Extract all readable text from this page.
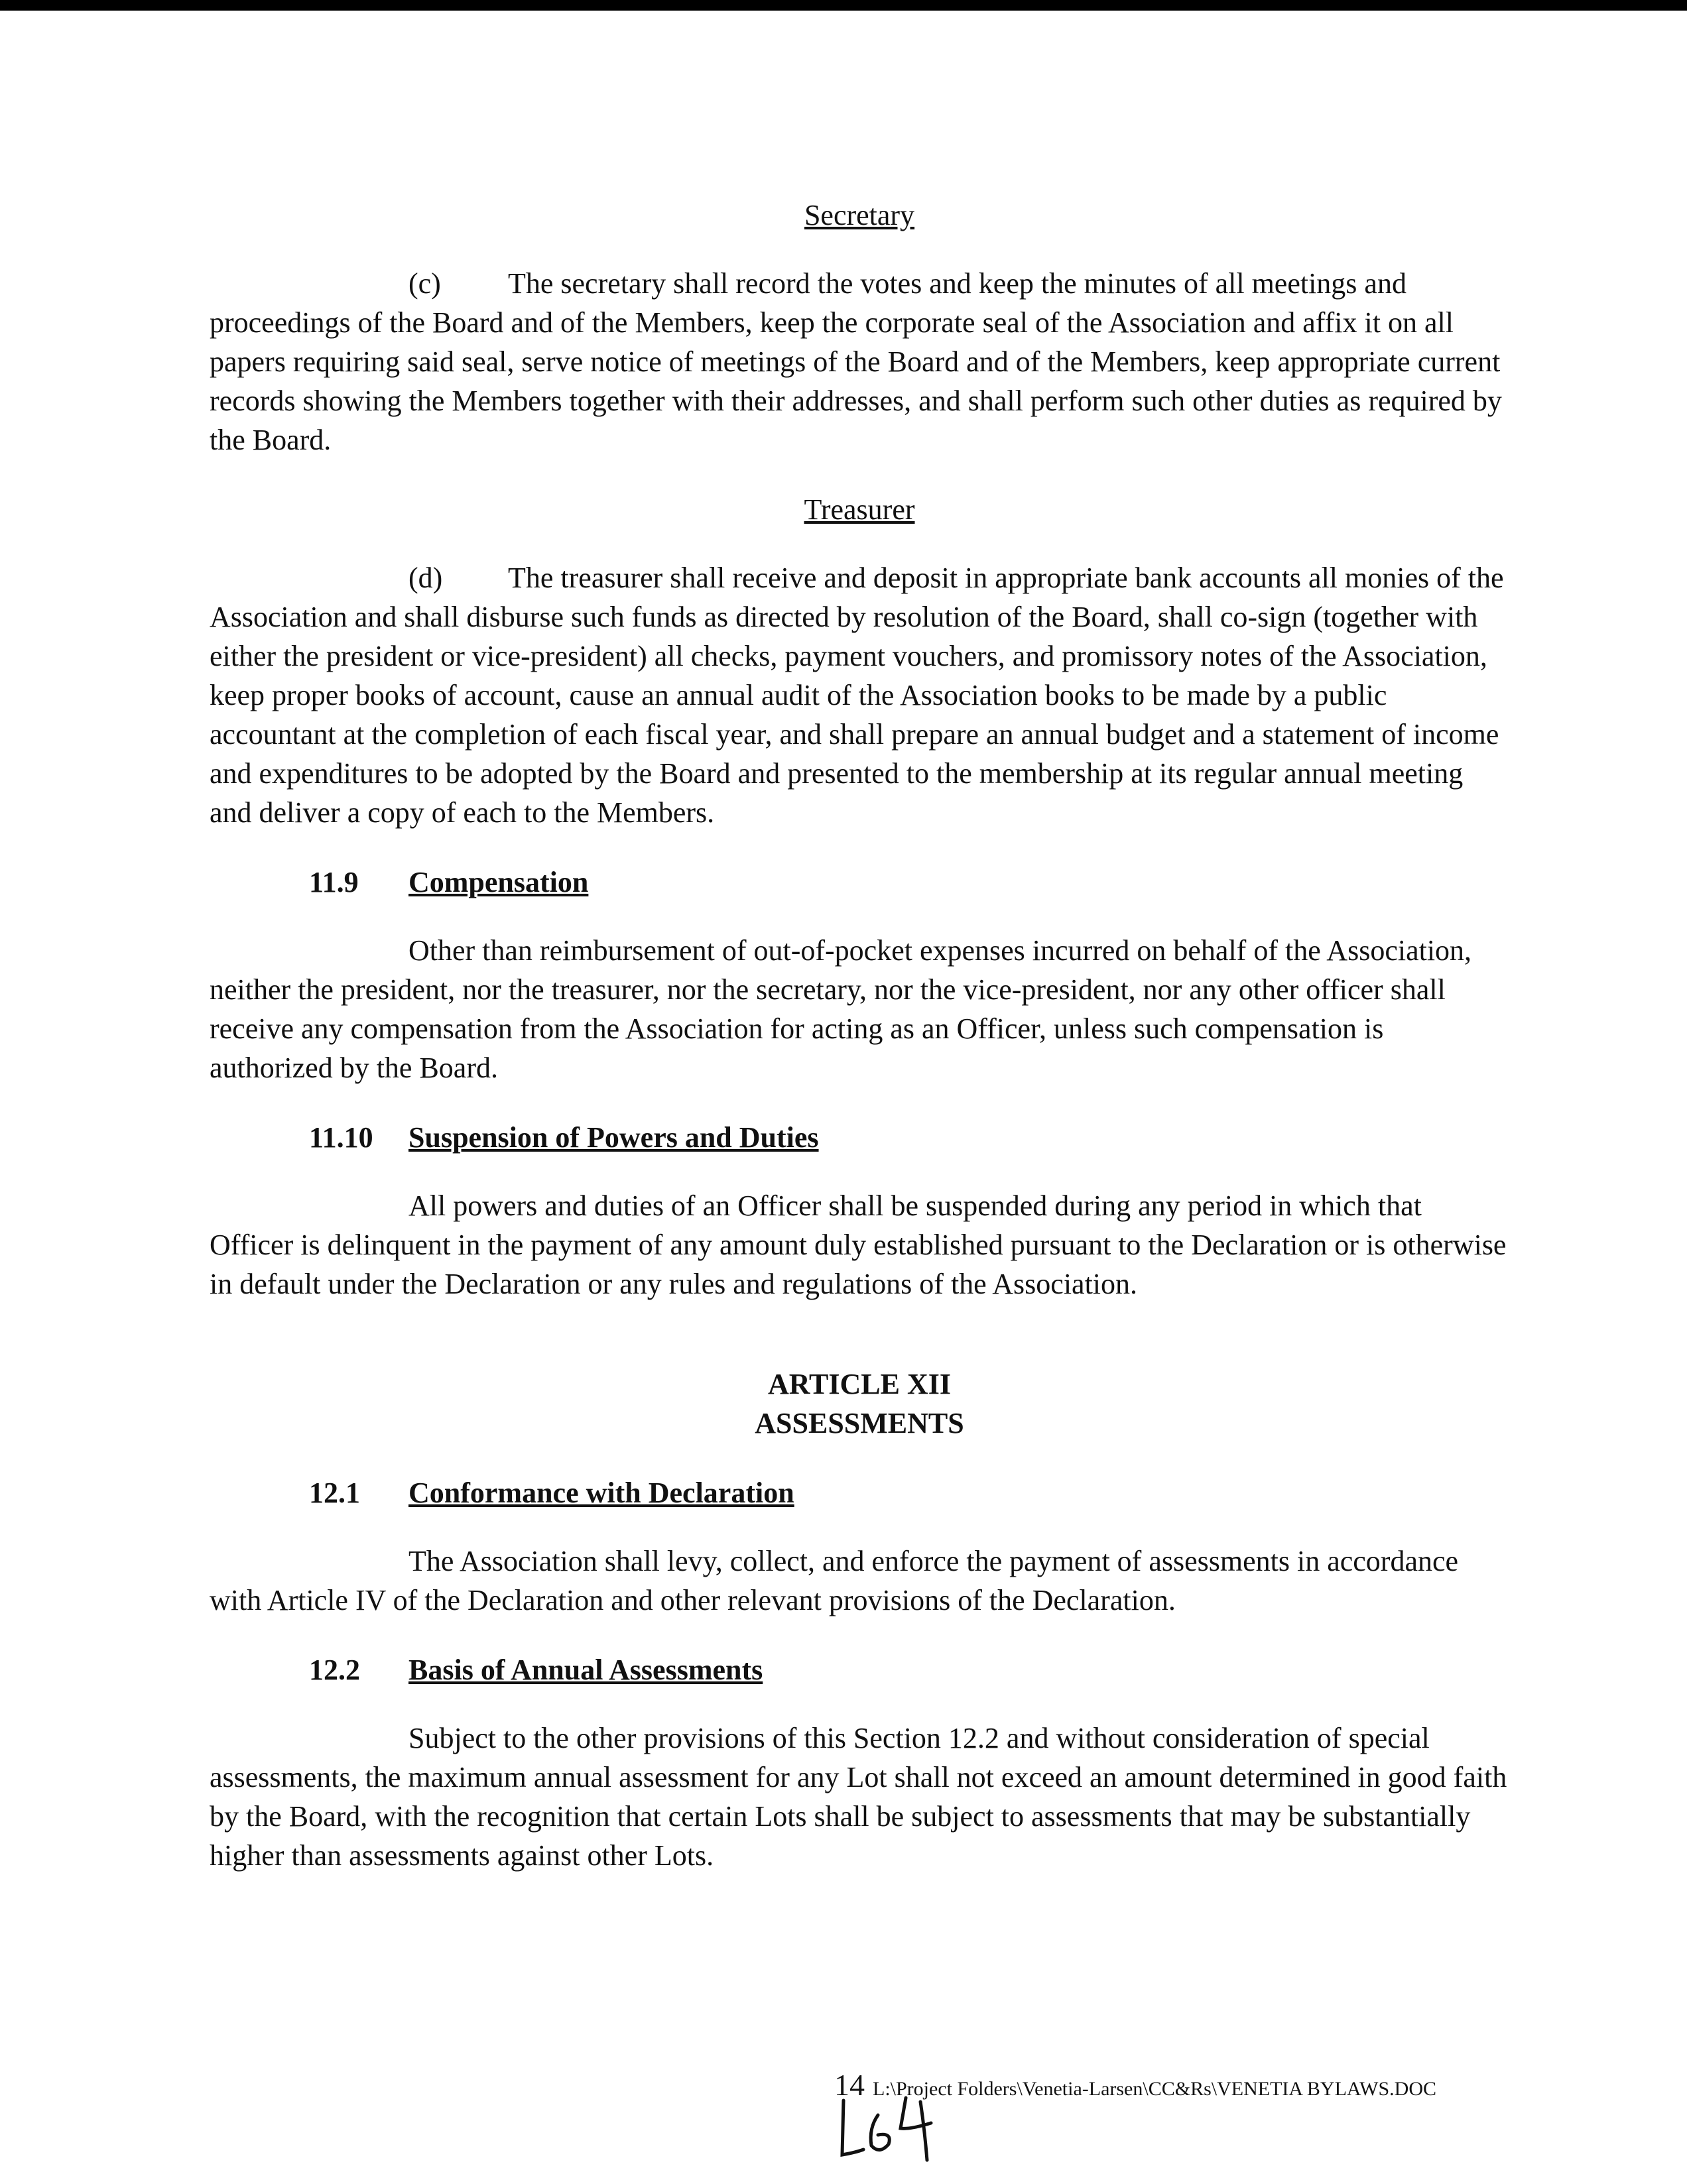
Secretary

(c) The secretary shall record the votes and keep the minutes of all meetings and proceedings of the Board and of the Members, keep the corporate seal of the Association and affix it on all papers requiring said seal, serve notice of meetings of the Board and of the Members, keep appropriate current records showing the Members together with their addresses, and shall perform such other duties as required by the Board.

Treasurer

(d) The treasurer shall receive and deposit in appropriate bank accounts all monies of the Association and shall disburse such funds as directed by resolution of the Board, shall co-sign (together with either the president or vice-president) all checks, payment vouchers, and promissory notes of the Association, keep proper books of account, cause an annual audit of the Association books to be made by a public accountant at the completion of each fiscal year, and shall prepare an annual budget and a statement of income and expenditures to be adopted by the Board and presented to the membership at its regular annual meeting and deliver a copy of each to the Members.

11.9 Compensation

Other than reimbursement of out-of-pocket expenses incurred on behalf of the Association, neither the president, nor the treasurer, nor the secretary, nor the vice-president, nor any other officer shall receive any compensation from the Association for acting as an Officer, unless such compensation is authorized by the Board.

11.10 Suspension of Powers and Duties

All powers and duties of an Officer shall be suspended during any period in which that Officer is delinquent in the payment of any amount duly established pursuant to the Declaration or is otherwise in default under the Declaration or any rules and regulations of the Association.

ARTICLE XII

ASSESSMENTS

12.1 Conformance with Declaration

The Association shall levy, collect, and enforce the payment of assessments in accordance with Article IV of the Declaration and other relevant provisions of the Declaration.

12.2 Basis of Annual Assessments

Subject to the other provisions of this Section 12.2 and without consideration of special assessments, the maximum annual assessment for any Lot shall not exceed an amount determined in good faith by the Board, with the recognition that certain Lots shall be subject to assessments that may be substantially higher than assessments against other Lots.

14 L:\Project Folders\Venetia-Larsen\CC&Rs\VENETIA BYLAWS.DOC
